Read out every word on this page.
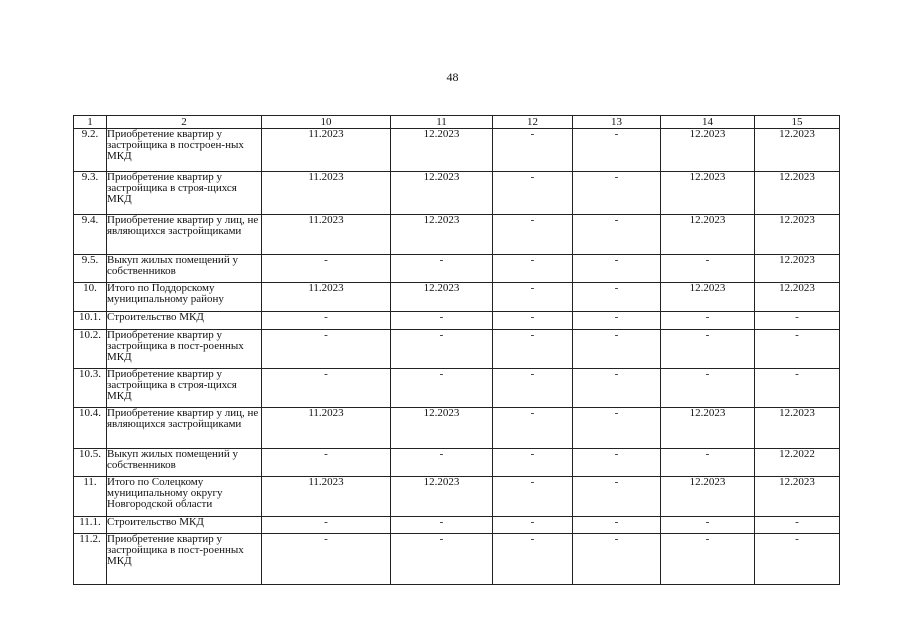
48
1	2	10	11	12	13	14	15
9.2.	Приобретение квартир у застройщика в построен-ных МКД	11.2023	12.2023	-	-	12.2023	12.2023
9.3.	Приобретение квартир у застройщика в строя-щихся МКД	11.2023	12.2023	-	-	12.2023	12.2023
9.4.	Приобретение квартир у лиц, не являющихся застройщиками	11.2023	12.2023	-	-	12.2023	12.2023
9.5.	Выкуп жилых помещений у собственников	-	-	-	-	-	12.2023
10.	Итого по Поддорскому муниципальному району	11.2023	12.2023	-	-	12.2023	12.2023
10.1.	Строительство МКД	-	-	-	-	-	-
10.2.	Приобретение квартир у застройщика в пост-роенных МКД	-	-	-	-	-	-
10.3.	Приобретение квартир у застройщика в строя-щихся МКД	-	-	-	-	-	-
10.4.	Приобретение квартир у лиц, не являющихся застройщиками	11.2023	12.2023	-	-	12.2023	12.2023
10.5.	Выкуп жилых помещений у собственников	-	-	-	-	-	12.2022
11.	Итого по Солецкому муниципальному округу Новгородской области	11.2023	12.2023	-	-	12.2023	12.2023
11.1.	Строительство МКД	-	-	-	-	-	-
11.2.	Приобретение квартир у застройщика в пост-роенных МКД	-	-	-	-	-	-
